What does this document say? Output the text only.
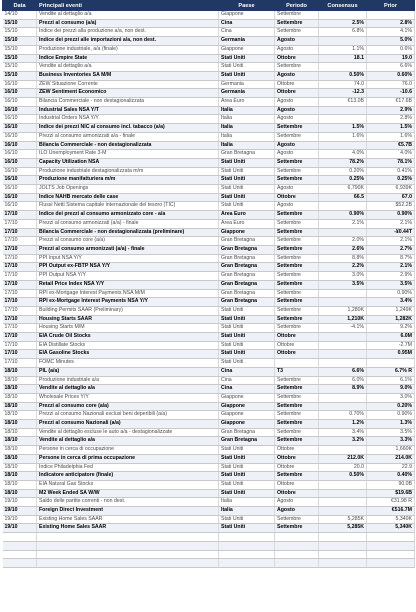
Data	Principali eventi	Paese	Periodo	Consensus	Prior
14/10	Vendite al dettaglio a/a	Giappone	Settembre		
15/10	Prezzi al consumo (a/a)	Cina	Settembre	2.5%	2.8%
15/10	Indice dei prezzi alla produzione a/a, non dest.	Cina	Settembre	6.8%	4.1%
15/10	Indice dei prezzi alle importazioni a/a, non dest.	Germania	Agosto		5.0%
15/10	Produzione industriale, a/a (finale)	Giappone	Agosto	1.1%	0.6%
15/10	Indice Empire State	Stati Uniti	Ottobre	18.1	19.0
15/10	Vendite al dettaglio a/a	Stati Uniti	Settembre		6.6%
15/10	Business Inventories SA M/M	Stati Uniti	Agosto	0.50%	0.60%
16/10	ZEW Situazione Corrente	Germania	Ottobre	74.0	76.0
16/10	ZEW Sentiment Economico	Germania	Ottobre	-12.3	-10.6
16/10	Bilancia Commerciale - non destagionalizzata	Area Euro	Agosto	€13.0B	€17.6B
16/10	Industrial Sales NSA Y/T	Italia	Agosto		2.9%
16/10	Industrial Orders NSA Y/Y	Italia	Agosto		2.8%
16/10	Indice dei prezzi NIC al consumo incl. tabacco (a/a)	Italia	Settembre	1.5%	1.5%
16/10	Prezzi al consumo armonizzati a/a - finale	Italia	Settembre	1.6%	1.6%
16/10	Bilancia Commerciale - non destagionalizzata	Italia	Agosto		€5.7B
16/10	ILO Unemployment Rate 3-M	Gran Bretagna	Agosto	4.0%	4.0%
16/10	Capacity Utilization NSA	Stati Uniti	Settembre	78.2%	78.1%
16/10	Produzione industriale destagionalizzata m/m	Stati Uniti	Settembre	0.20%	0.41%
16/10	Produzione manifatturiera m/m	Stati Uniti	Settembre	0.25%	0.25%
16/10	JOLTS Job Openings	Stati Uniti	Agosto	6,790K	6,939K
16/10	Indice NAHB mercato delle case	Stati Uniti	Ottobre	66.5	67.0
16/10	Flussi Netti Sistema capitale internazionale del tesoro (TIC)	Stati Uniti	Agosto		$52.2B
17/10	Indice dei prezzi al consumo armonizzato core - a/a	Area Euro	Settembre	0.90%	0.90%
17/10	Prezzi al consumo armonizzati (a/a) - finale	Area Euro	Settembre	2.1%	2.1%
17/10	Bilancia Commerciale - non destagionalizzata (preliminare)	Giappone	Settembre		-¥0.44T
17/10	Prezzi al consumo core (a/a)	Gran Bretagna	Settembre	2.0%	2.1%
17/10	Prezzi al consumo armonizzati (a/a) - finale	Gran Bretagna	Settembre	2.6%	2.7%
17/10	PPI Input NSA Y/Y	Gran Bretagna	Settembre	8.8%	8.7%
17/10	PPI Output ex-FBTP NSA Y/Y	Gran Bretagna	Settembre	2.2%	2.1%
17/10	PPI Output NSA Y/Y	Gran Bretagna	Settembre	3.0%	2.9%
17/10	Retail Price Index NSA Y/Y	Gran Bretagna	Settembre	3.5%	3.5%
17/10	RPI ex-Mortgage Interest Payments NSA M/M	Gran Bretagna	Settembre		0.90%
17/10	RPI ex-Mortgage Interest Payments NSA Y/Y	Gran Bretagna	Settembre		3.4%
17/10	Building Permits SAAR (Preliminary)	Stati Uniti	Settembre	1,280K	1,249K
17/10	Housing Starts SAAR	Stati Uniti	Settembre	1,210K	1,282K
17/10	Housing Starts M/M	Stati Uniti	Settembre	-4.1%	9.2%
17/10	EIA Crude Oil Stocks	Stati Uniti	Ottobre		6.0M
17/10	EIA Distillate Stocks	Stati Uniti	Ottobre		-2.7M
17/10	EIA Gasoline Stocks	Stati Uniti	Ottobre		0.95M
17/10	FOMC Minutes	Stati Uniti			
18/10	PIL (a/a)	Cina	T3	6.6%	6.7% R
18/10	Produzione industriale a/a	Cina	Settembre	6.0%	6.1%
18/10	Vendite al dettaglio a/a	Cina	Settembre	8.9%	9.0%
18/10	Wholesale Prices Y/Y	Giappone	Settembre		3.0%
18/10	Prezzi al consumo core (a/a)	Giappone	Settembre		0.20%
18/10	Prezzi al consumo Nazionali esclusi beni deperibili (a/a)	Giappone	Settembre	0.70%	0.90%
18/10	Prezzi al consumo Nazionali (a/a)	Giappone	Settembre	1.2%	1.3%
18/10	Vendite al dettaglio escluse le auto a/a - destagionalizzate	Gran Bretagna	Settembre	3.4%	3.5%
18/10	Vendite al dettaglio a/a	Gran Bretagna	Settembre	3.2%	3.3%
18/10	Persone in cerca di occupazione	Stati Uniti	Ottobre		1,660K
18/10	Persone in cerca di prima occupazione	Stati Uniti	Ottobre	212.0K	214.0K
18/10	Indice Philadelphia Fed	Stati Uniti	Ottobre	20.0	22.9
18/10	Indicatore anticipatore (finale)	Stati Uniti	Settembre	0.50%	0.40%
18/10	EIA Natural Gas Stocks	Stati Uniti	Ottobre		90.0B
18/10	M2 Week Ended SA W/W	Stati Uniti	Ottobre		$19.6B
19/10	Saldo delle partite correnti - non dest.	Italia	Agosto		€31.98 R
19/10	Foreign Direct Investment	Italia	Agosto		€516.7M
19/10	Existing Home Sales SAAR	Stati Uniti	Settembre	5,285K	5,340K
19/10	Existing Home Sales SAAR	Stati Uniti	Settembre	5,285K	5,340K
